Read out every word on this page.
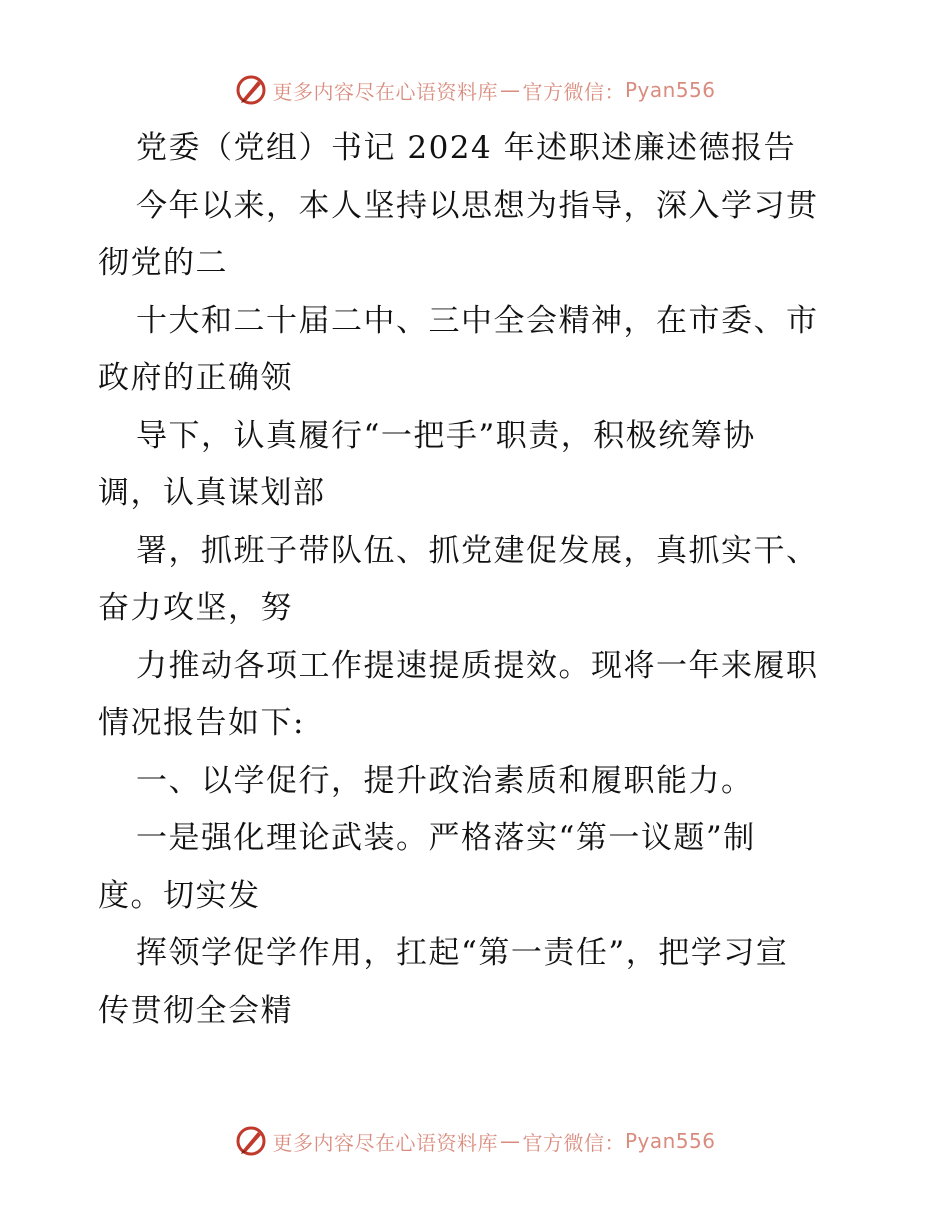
更多内容尽在心语资料库 — 官方微信： Pyan556

党委（党组）书记 2024 年述职述廉述德报告

今年以来，本人坚持以思想为指导，深入学习贯

彻党的二

十大和二十届二中、三中全会精神，在市委、市

政府的正确领

导下，认真履行“一把手”职责，积极统筹协

调，认真谋划部

署，抓班子带队伍、抓党建促发展，真抓实干、

奋力攻坚，努

力推动各项工作提速提质提效。现将一年来履职

情况报告如下:

一、以学促行，提升政治素质和履职能力。

一是强化理论武装。严格落实“第一议题”制

度。切实发

挥领学促学作用，扛起“第一责任”，把学习宣

传贯彻全会精

更多内容尽在心语资料库 — 官方微信： Pyan556
